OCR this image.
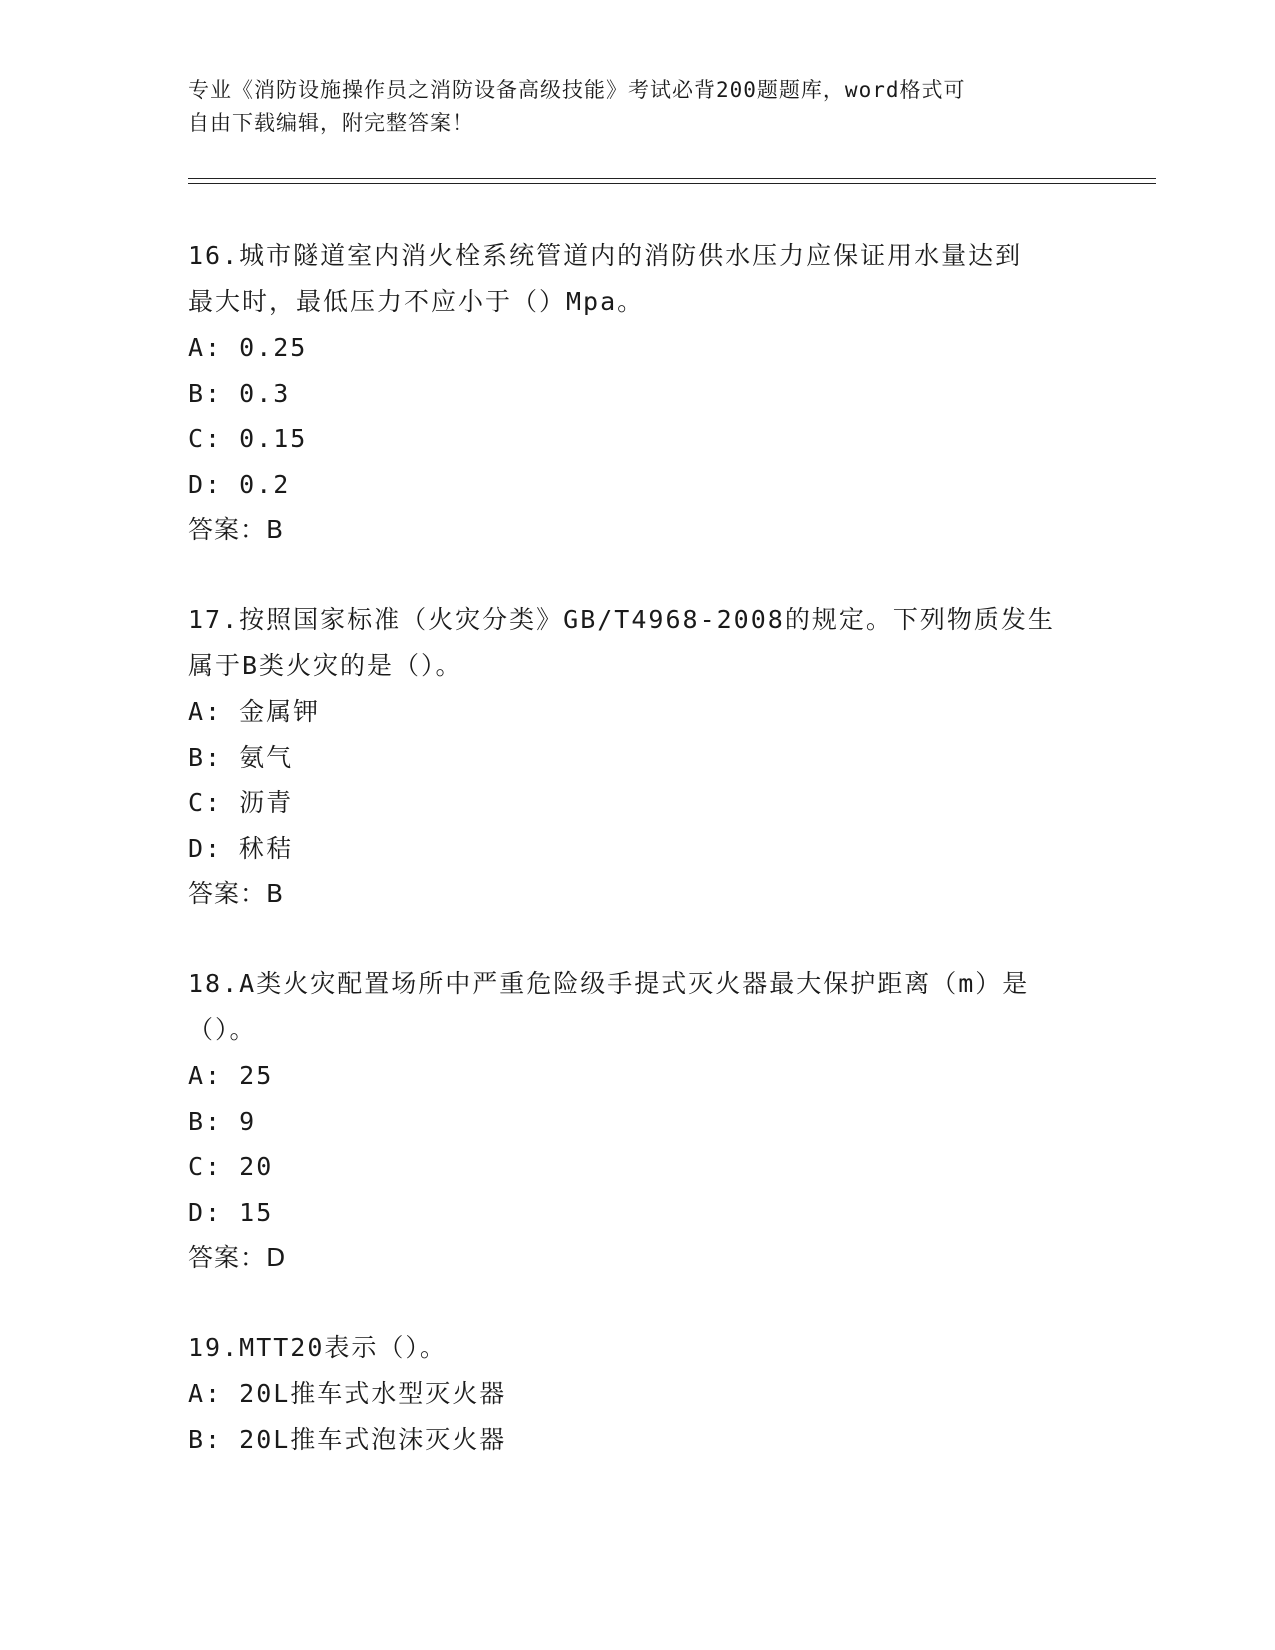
专业《消防设施操作员之消防设备高级技能》考试必背200题题库，word格式可
自由下载编辑，附完整答案！

16.城市隧道室内消火栓系统管道内的消防供水压力应保证用水量达到

最大时，最低压力不应小于（）Mpa。

A: 0.25

B: 0.3

C: 0.15

D: 0.2

答案：B

17.按照国家标准（火灾分类》GB/T4968-2008的规定。下列物质发生

属于B类火灾的是（）。

A: 金属钾

B: 氨气

C: 沥青

D: 秫秸

答案：B

18.A类火灾配置场所中严重危险级手提式灭火器最大保护距离（m）是

（）。

A: 25

B: 9

C: 20

D: 15

答案：D

19.MTT20表示（）。

A: 20L推车式水型灭火器

B: 20L推车式泡沫灭火器
